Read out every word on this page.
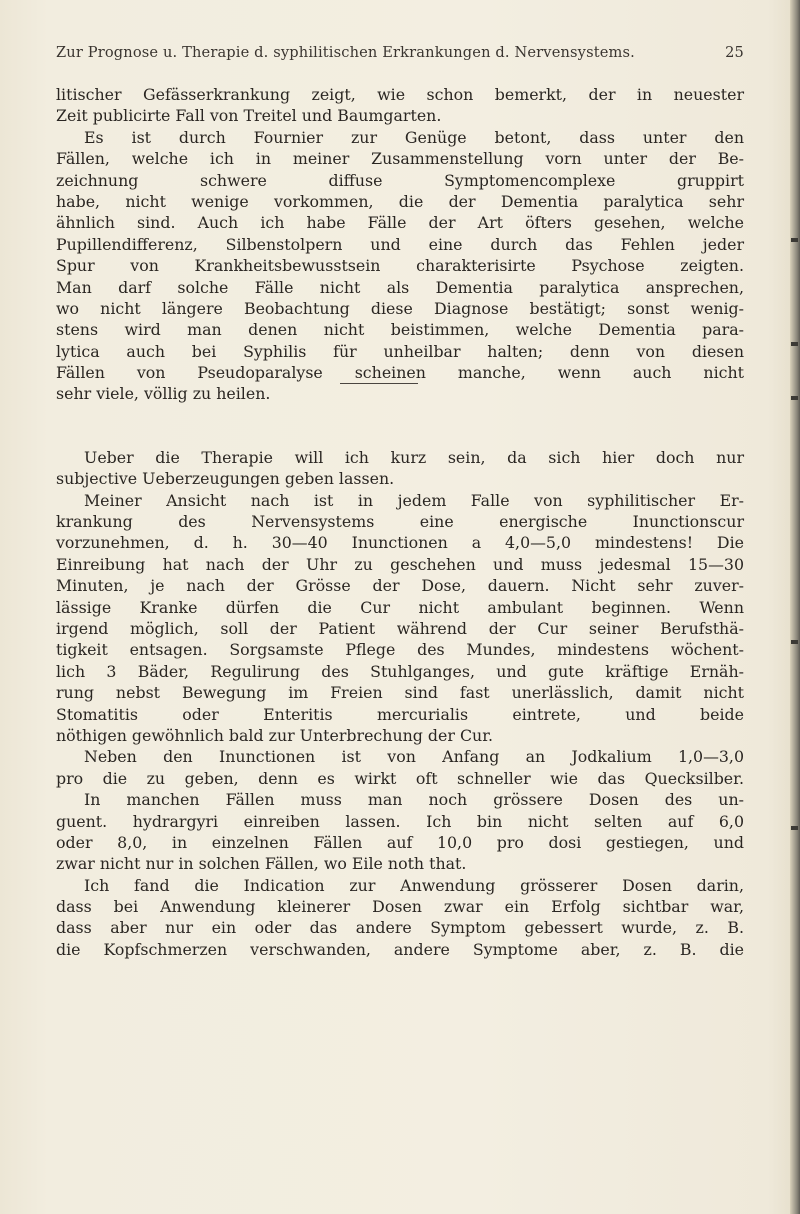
Zur Prognose u. Therapie d. syphilitischen Erkrankungen d. Nervensystems.	25
litischer Gefässerkrankung zeigt, wie schon bemerkt, der in neuester
Zeit publicirte Fall von Treitel und Baumgarten.
Es ist durch Fournier zur Genüge betont, dass unter den
Fällen, welche ich in meiner Zusammenstellung vorn unter der Be-
zeichnung schwere diffuse Symptomencomplexe gruppirt
habe, nicht wenige vorkommen, die der Dementia paralytica sehr
ähnlich sind. Auch ich habe Fälle der Art öfters gesehen, welche
Pupillendifferenz, Silbenstolpern und eine durch das Fehlen jeder
Spur von Krankheitsbewusstsein charakterisirte Psychose zeigten.
Man darf solche Fälle nicht als Dementia paralytica ansprechen,
wo nicht längere Beobachtung diese Diagnose bestätigt; sonst wenig-
stens wird man denen nicht beistimmen, welche Dementia para-
lytica auch bei Syphilis für unheilbar halten; denn von diesen
Fällen von Pseudoparalyse scheinen manche, wenn auch nicht
sehr viele, völlig zu heilen.
Ueber die Therapie will ich kurz sein, da sich hier doch nur
subjective Ueberzeugungen geben lassen.
Meiner Ansicht nach ist in jedem Falle von syphilitischer Er-
krankung des Nervensystems eine energische Inunctionscur
vorzunehmen, d. h. 30—40 Inunctionen a 4,0—5,0 mindestens! Die
Einreibung hat nach der Uhr zu geschehen und muss jedesmal 15—30
Minuten, je nach der Grösse der Dose, dauern. Nicht sehr zuver-
lässige Kranke dürfen die Cur nicht ambulant beginnen. Wenn
irgend möglich, soll der Patient während der Cur seiner Berufsthä-
tigkeit entsagen. Sorgsamste Pflege des Mundes, mindestens wöchent-
lich 3 Bäder, Regulirung des Stuhlganges, und gute kräftige Ernäh-
rung nebst Bewegung im Freien sind fast unerlässlich, damit nicht
Stomatitis oder Enteritis mercurialis eintrete, und beide
nöthigen gewöhnlich bald zur Unterbrechung der Cur.
Neben den Inunctionen ist von Anfang an Jodkalium 1,0—3,0
pro die zu geben, denn es wirkt oft schneller wie das Quecksilber.
In manchen Fällen muss man noch grössere Dosen des un-
guent. hydrargyri einreiben lassen. Ich bin nicht selten auf 6,0
oder 8,0, in einzelnen Fällen auf 10,0 pro dosi gestiegen, und
zwar nicht nur in solchen Fällen, wo Eile noth that.
Ich fand die Indication zur Anwendung grösserer Dosen darin,
dass bei Anwendung kleinerer Dosen zwar ein Erfolg sichtbar war,
dass aber nur ein oder das andere Symptom gebessert wurde, z. B.
die Kopfschmerzen verschwanden, andere Symptome aber, z. B. die
